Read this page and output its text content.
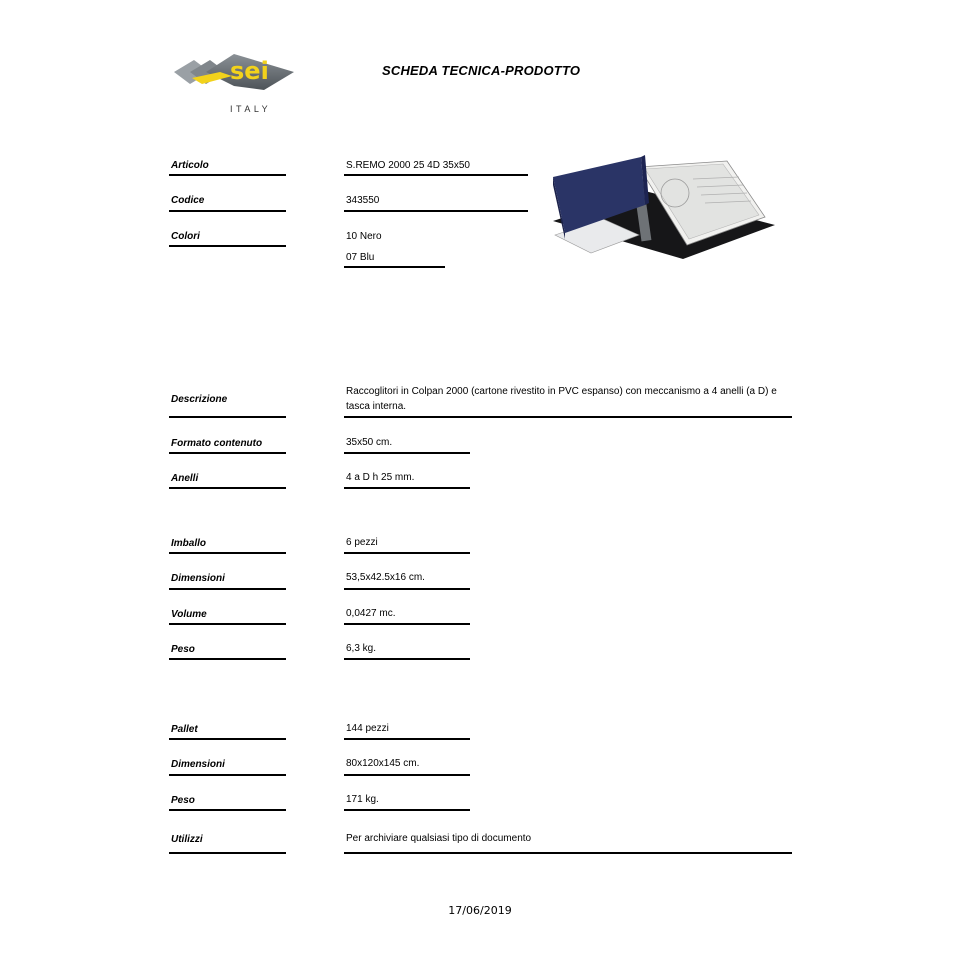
sei
ITALY
SCHEDA TECNICA-PRODOTTO
Articolo	S.REMO 2000 25 4D 35x50
Codice	343550
Colori	10 Nero
07 Blu
Descrizione
Raccoglitori in Colpan 2000 (cartone rivestito in PVC espanso) con meccanismo a 4 anelli (a D) e
tasca interna.
Formato contenuto	35x50 cm.
Anelli	4 a D h 25 mm.
Imballo	6 pezzi
Dimensioni	53,5x42.5x16 cm.
Volume	0,0427 mc.
Peso	6,3 kg.
Pallet	144 pezzi
Dimensioni	80x120x145 cm.
Peso	171 kg.
Utilizzi	Per archiviare qualsiasi tipo di documento
17/06/2019
